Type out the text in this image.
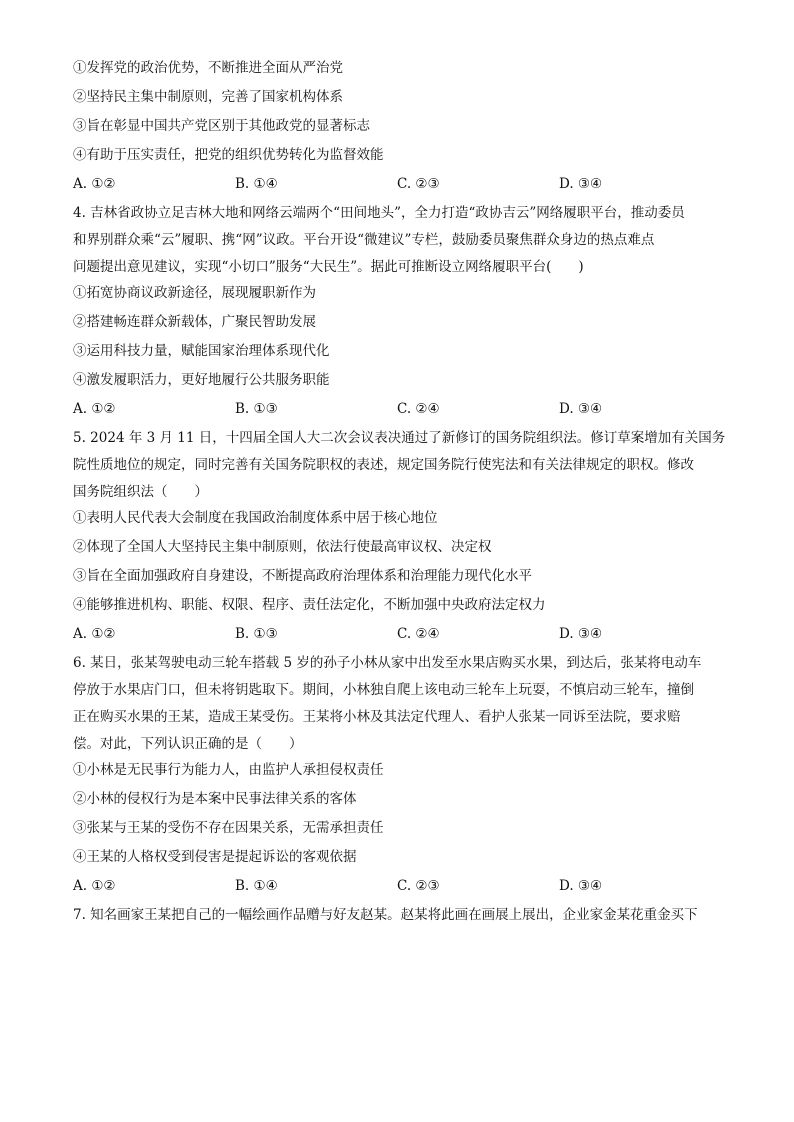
①发挥党的政治优势，不断推进全面从严治党
②坚持民主集中制原则，完善了国家机构体系
③旨在彰显中国共产党区别于其他政党的显著标志
④有助于压实责任，把党的组织优势转化为监督效能
A. ①②	B. ①④	C. ②③	D. ③④
4. 吉林省政协立足吉林大地和网络云端两个“田间地头”，全力打造“政协吉云”网络履职平台，推动委员
和界别群众乘“云”履职、携“网”议政。平台开设“微建议”专栏，鼓励委员聚焦群众身边的热点难点
问题提出意见建议，实现“小切口”服务“大民生”。据此可推断设立网络履职平台(　　)
①拓宽协商议政新途径，展现履职新作为
②搭建畅连群众新载体，广聚民智助发展
③运用科技力量，赋能国家治理体系现代化
④激发履职活力，更好地履行公共服务职能
A. ①②	B. ①③	C. ②④	D. ③④
5. 2024 年 3 月 11 日，十四届全国人大二次会议表决通过了新修订的国务院组织法。修订草案增加有关国务
院性质地位的规定，同时完善有关国务院职权的表述，规定国务院行使宪法和有关法律规定的职权。修改
国务院组织法（　　）
①表明人民代表大会制度在我国政治制度体系中居于核心地位
②体现了全国人大坚持民主集中制原则，依法行使最高审议权、决定权
③旨在全面加强政府自身建设，不断提高政府治理体系和治理能力现代化水平
④能够推进机构、职能、权限、程序、责任法定化，不断加强中央政府法定权力
A. ①②	B. ①③	C. ②④	D. ③④
6. 某日，张某驾驶电动三轮车搭载 5 岁的孙子小林从家中出发至水果店购买水果，到达后，张某将电动车
停放于水果店门口，但未将钥匙取下。期间，小林独自爬上该电动三轮车上玩耍，不慎启动三轮车，撞倒
正在购买水果的王某，造成王某受伤。王某将小林及其法定代理人、看护人张某一同诉至法院，要求赔
偿。对此，下列认识正确的是（　　）
①小林是无民事行为能力人，由监护人承担侵权责任
②小林的侵权行为是本案中民事法律关系的客体
③张某与王某的受伤不存在因果关系，无需承担责任
④王某的人格权受到侵害是提起诉讼的客观依据
A. ①②	B. ①④	C. ②③	D. ③④
7. 知名画家王某把自己的一幅绘画作品赠与好友赵某。赵某将此画在画展上展出，企业家金某花重金买下
